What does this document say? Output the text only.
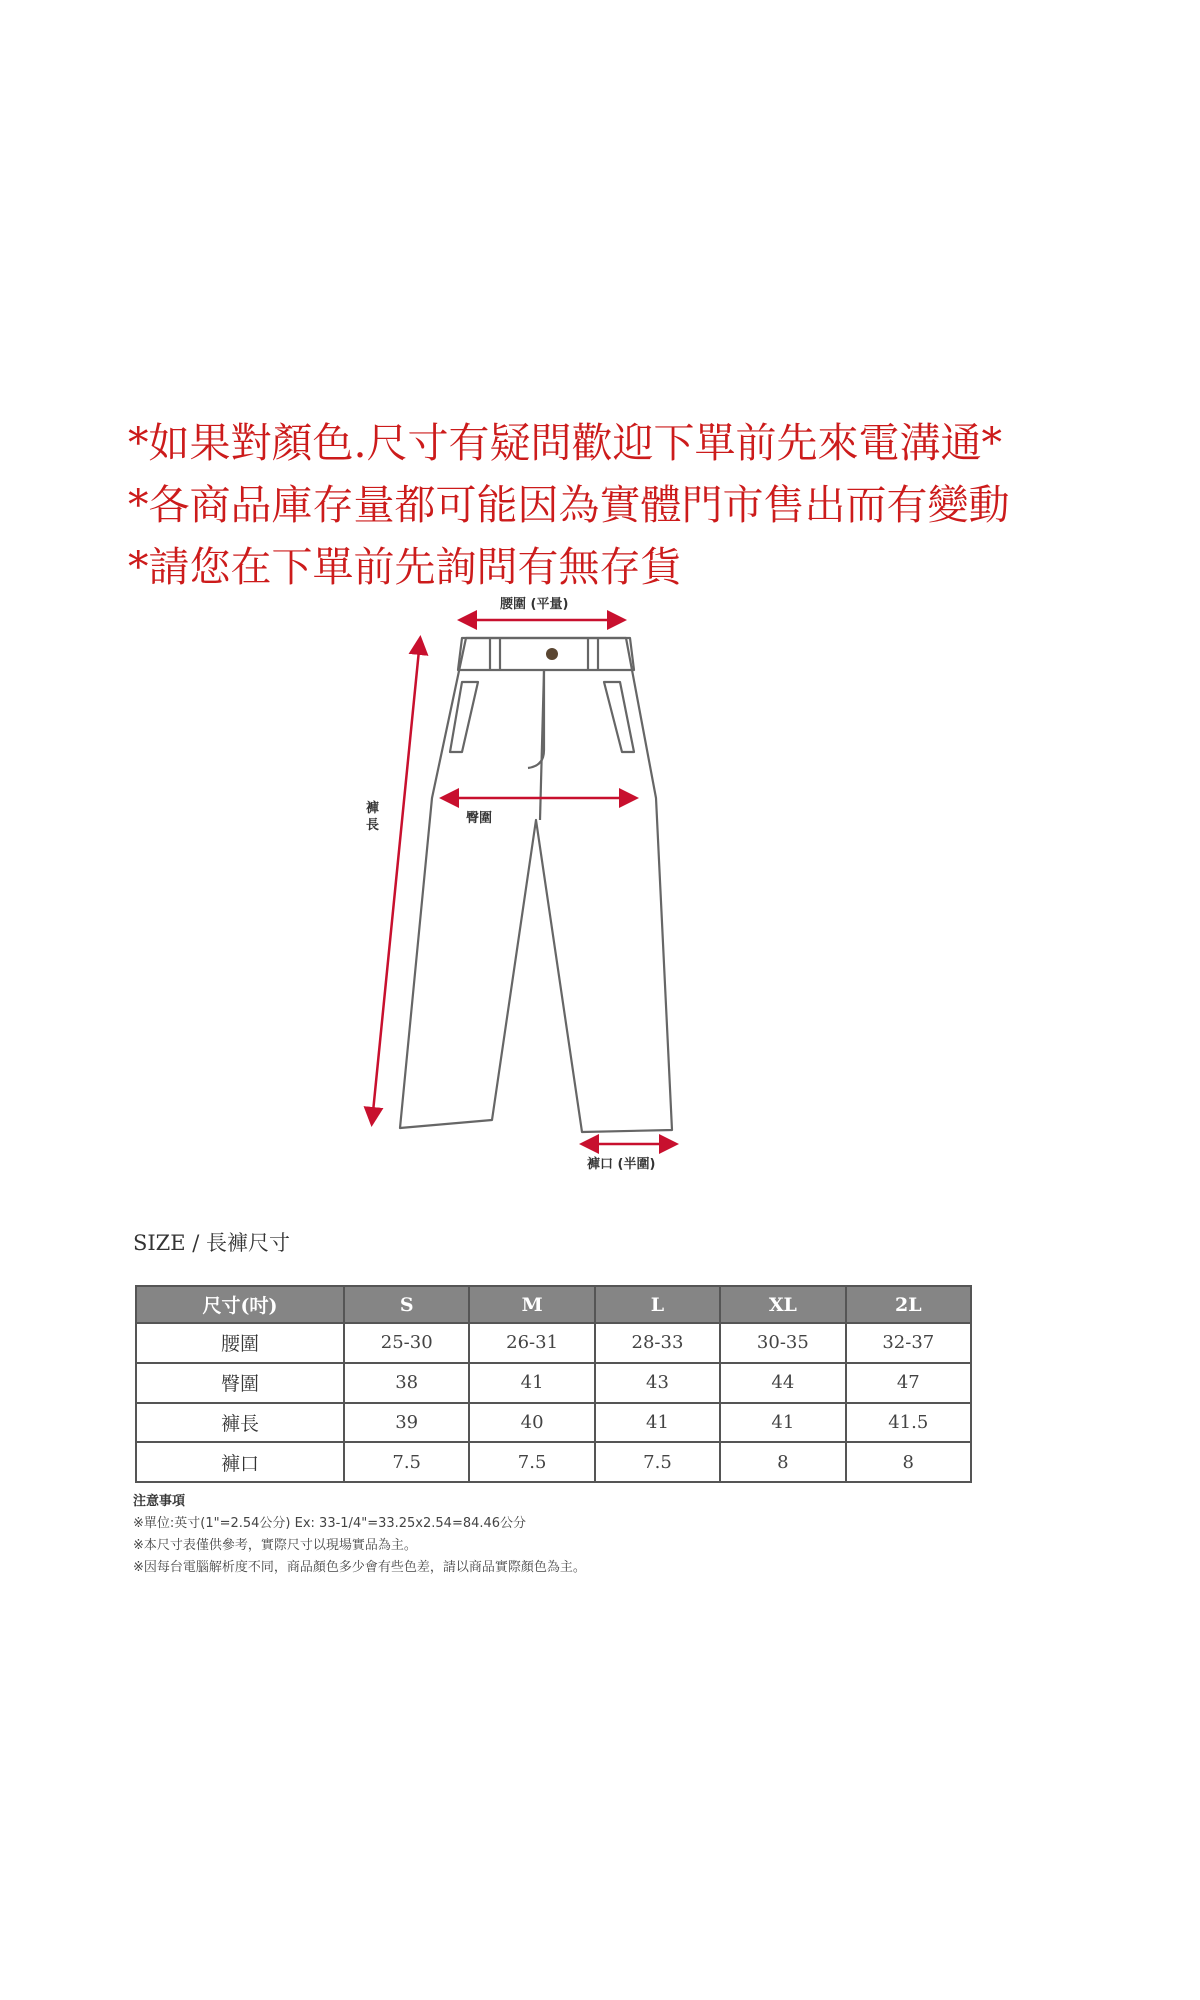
*如果對顏色.尺寸有疑問歡迎下單前先來電溝通*
*各商品庫存量都可能因為實體門市售出而有變動
*請您在下單前先詢問有無存貨
腰圍 (平量)
臀圍
褲
長
褲口 (半圍)
SIZE / 長褲尺寸
尺寸(吋)	S	M	L	XL	2L
腰圍	25-30	26-31	28-33	30-35	32-37
臀圍	38	41	43	44	47
褲長	39	40	41	41	41.5
褲口	7.5	7.5	7.5	8	8
注意事項
※單位:英寸(1"=2.54公分) Ex: 33-1/4"=33.25x2.54=84.46公分
※本尺寸表僅供參考，實際尺寸以現場實品為主。
※因每台電腦解析度不同，商品顏色多少會有些色差，請以商品實際顏色為主。
